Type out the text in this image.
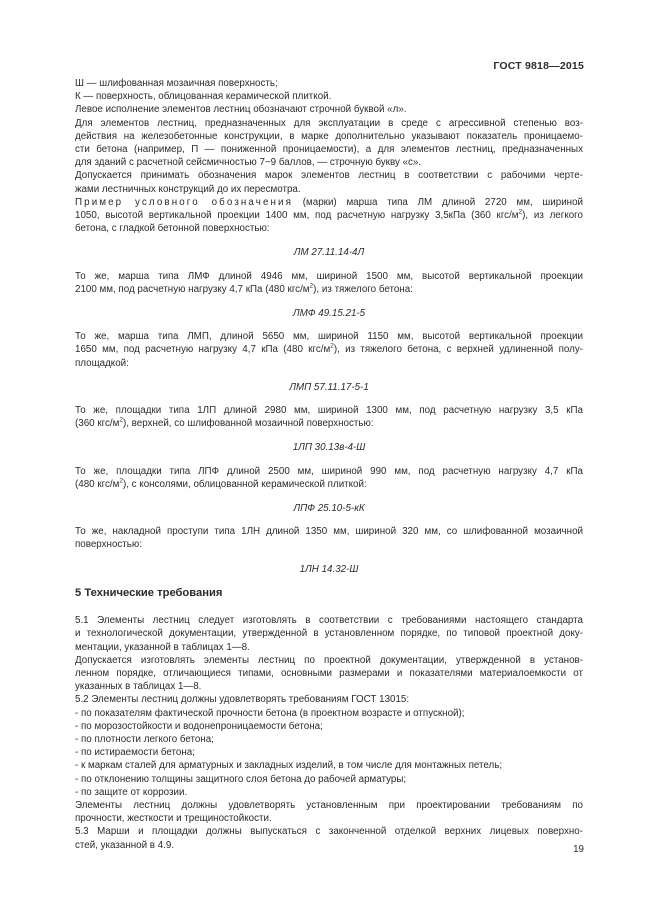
ГОСТ 9818—2015
Ш — шлифованная мозаичная поверхность;
К — поверхность, облицованная керамической плиткой.
Левое исполнение элементов лестниц обозначают строчной буквой «л».
Для элементов лестниц, предназначенных для эксплуатации в среде с агрессивной степенью воз-
действия на железобетонные конструкции, в марке дополнительно указывают показатель проницаемо-
сти бетона (например, П — пониженной проницаемости), а для элементов лестниц, предназначенных
для зданий с расчетной сейсмичностью 7−9 баллов, — строчную букву «с».
Допускается принимать обозначения марок элементов лестниц в соответствии с рабочими черте-
жами лестничных конструкций до их пересмотра.
Пример условного обозначения (марки) марша типа ЛМ длиной 2720 мм, шириной
1050, высотой вертикальной проекции 1400 мм, под расчетную нагрузку 3,5кПа (360 кгс/$м^2$), из легкого
бетона, с гладкой бетонной поверхностью:
ЛМ 27.11.14-4Л
То же, марша типа ЛМФ длиной 4946 мм, шириной 1500 мм, высотой вертикальной проекции
2100 мм, под расчетную нагрузку 4,7 кПа (480 кгс/$м^2$), из тяжелого бетона:
ЛМФ 49.15.21-5
То же, марша типа ЛМП, длиной 5650 мм, шириной 1150 мм, высотой вертикальной проекции
1650 мм, под расчетную нагрузку 4,7 кПа (480 кгс/$м^2$), из тяжелого бетона, с верхней удлиненной полу-
площадкой:
ЛМП 57.11.17-5-1
То же, площадки типа 1ЛП длиной 2980 мм, шириной 1300 мм, под расчетную нагрузку 3,5 кПа
(360 кгс/$м^2$), верхней, со шлифованной мозаичной поверхностью:
1ЛП 30.13в-4-Ш
То же, площадки типа ЛПФ длиной 2500 мм, шириной 990 мм, под расчетную нагрузку 4,7 кПа
(480 кгс/$м^2$), с консолями, облицованной керамической плиткой:
ЛПФ 25.10-5-кК
То же, накладной проступи типа 1ЛН длиной 1350 мм, шириной 320 мм, со шлифованной мозаичной
поверхностью:
1ЛН 14.32-Ш
5 Технические требования
5.1 Элементы лестниц следует изготовлять в соответствии с требованиями настоящего стандарта
и технологической документации, утвержденной в установленном порядке, по типовой проектной доку-
ментации, указанной в таблицах 1—8.
Допускается изготовлять элементы лестниц по проектной документации, утвержденной в установ-
ленном порядке, отличающиеся типами, основными размерами и показателями материалоемкости от
указанных в таблицах 1—8.
5.2 Элементы лестниц должны удовлетворять требованиям ГОСТ 13015:
- по показателям фактической прочности бетона (в проектном возрасте и отпускной);
- по морозостойкости и водонепроницаемости бетона;
- по плотности легкого бетона;
- по истираемости бетона;
- к маркам сталей для арматурных и закладных изделий, в том числе для монтажных петель;
- по отклонению толщины защитного слоя бетона до рабочей арматуры;
- по защите от коррозии.
Элементы лестниц должны удовлетворять установленным при проектировании требованиям по
прочности, жесткости и трещиностойкости.
5.3 Марши и площадки должны выпускаться с законченной отделкой верхних лицевых поверхно-
стей, указанной в 4.9.	19
